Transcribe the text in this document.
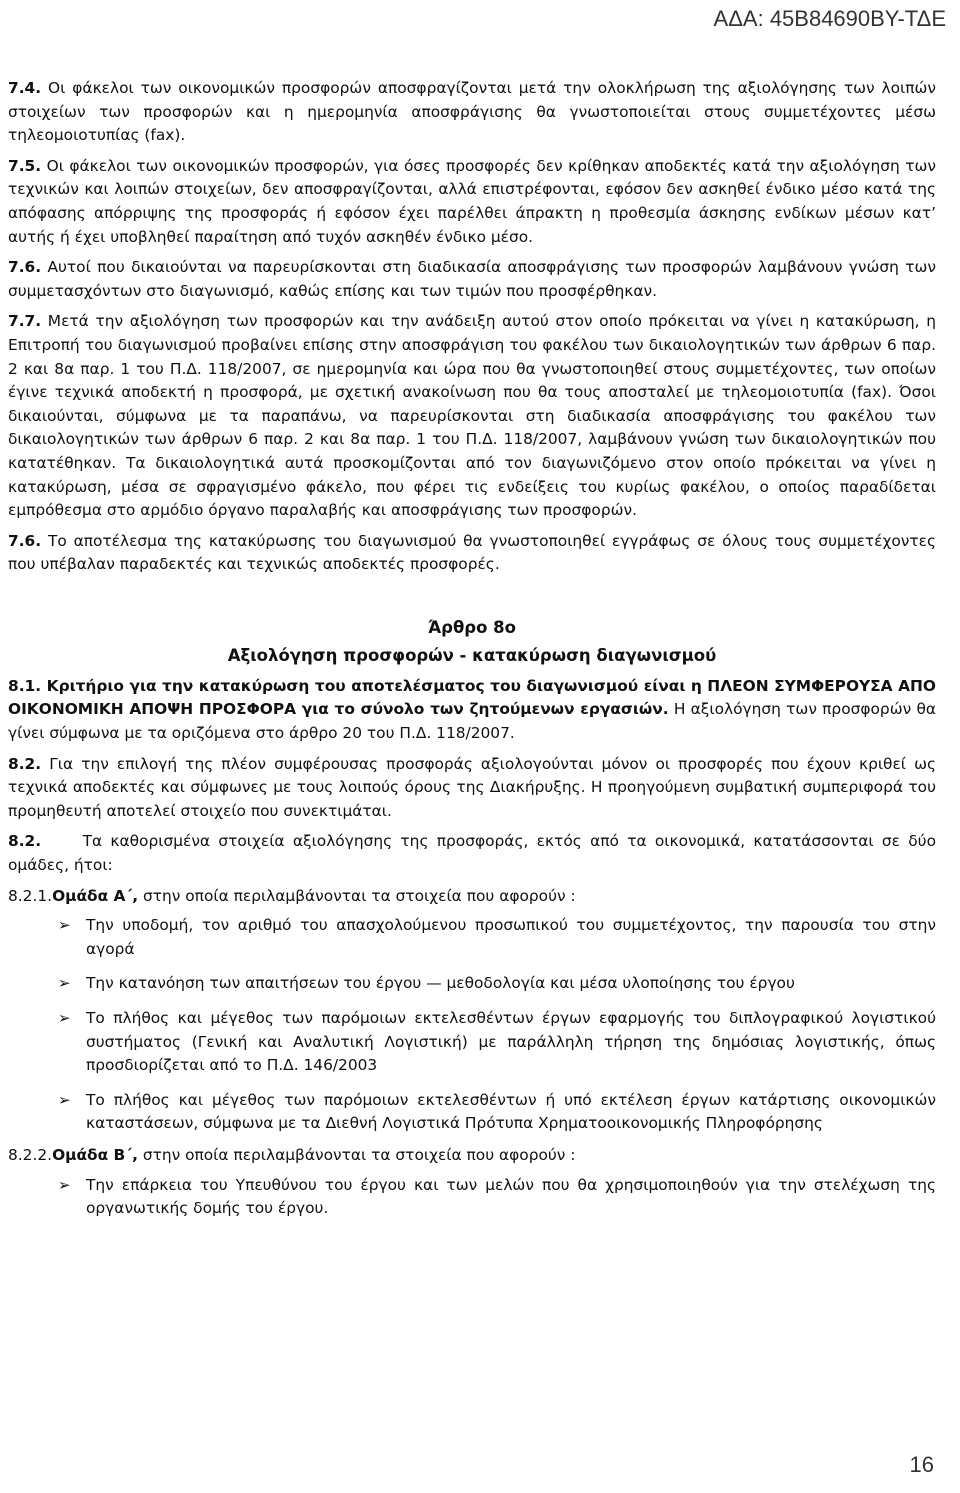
ΑΔΑ: 45Β84690ΒΥ-ΤΔΕ

7.4. Οι φάκελοι των οικονομικών προσφορών αποσφραγίζονται μετά την ολοκλήρωση της αξιολόγησης των λοιπών στοιχείων των προσφορών και η ημερομηνία αποσφράγισης θα γνωστοποιείται στους συμμετέχοντες μέσω τηλεομοιοτυπίας (fax).

7.5. Οι φάκελοι των οικονομικών προσφορών, για όσες προσφορές δεν κρίθηκαν αποδεκτές κατά την αξιολόγηση των τεχνικών και λοιπών στοιχείων, δεν αποσφραγίζονται, αλλά επιστρέφονται, εφόσον δεν ασκηθεί ένδικο μέσο κατά της απόφασης απόρριψης της προσφοράς ή εφόσον έχει παρέλθει άπρακτη η προθεσμία άσκησης ενδίκων μέσων κατ’ αυτής ή έχει υποβληθεί παραίτηση από τυχόν ασκηθέν ένδικο μέσο.

7.6. Αυτοί που δικαιούνται να παρευρίσκονται στη διαδικασία αποσφράγισης των προσφορών λαμβάνουν γνώση των συμμετασχόντων στο διαγωνισμό, καθώς επίσης και των τιμών που προσφέρθηκαν.

7.7. Μετά την αξιολόγηση των προσφορών και την ανάδειξη αυτού στον οποίο πρόκειται να γίνει η κατακύρωση, η Επιτροπή του διαγωνισμού προβαίνει επίσης στην αποσφράγιση του φακέλου των δικαιολογητικών των άρθρων 6 παρ. 2 και 8α παρ. 1 του Π.Δ. 118/2007, σε ημερομηνία και ώρα που θα γνωστοποιηθεί στους συμμετέχοντες, των οποίων έγινε τεχνικά αποδεκτή η προσφορά, με σχετική ανακοίνωση που θα τους αποσταλεί με τηλεομοιοτυπία (fax). Όσοι δικαιούνται, σύμφωνα με τα παραπάνω, να παρευρίσκονται στη διαδικασία αποσφράγισης του φακέλου των δικαιολογητικών των άρθρων 6 παρ. 2 και 8α παρ. 1 του Π.Δ. 118/2007, λαμβάνουν γνώση των δικαιολογητικών που κατατέθηκαν. Τα δικαιολογητικά αυτά προσκομίζονται από τον διαγωνιζόμενο στον οποίο πρόκειται να γίνει η κατακύρωση, μέσα σε σφραγισμένο φάκελο, που φέρει τις ενδείξεις του κυρίως φακέλου, ο οποίος παραδίδεται εμπρόθεσμα στο αρμόδιο όργανο παραλαβής και αποσφράγισης των προσφορών.

7.6. Το αποτέλεσμα της κατακύρωσης του διαγωνισμού θα γνωστοποιηθεί εγγράφως σε όλους τους συμμετέχοντες που υπέβαλαν παραδεκτές και τεχνικώς αποδεκτές προσφορές.

Άρθρο 8ο

Αξιολόγηση προσφορών - κατακύρωση διαγωνισμού

8.1. Κριτήριο για την κατακύρωση του αποτελέσματος του διαγωνισμού είναι η ΠΛΕΟΝ ΣΥΜΦΕΡΟΥΣΑ ΑΠΟ ΟΙΚΟΝΟΜΙΚΗ ΑΠΟΨΗ ΠΡΟΣΦΟΡΑ για το σύνολο των ζητούμενων εργασιών. Η αξιολόγηση των προσφορών θα γίνει σύμφωνα με τα οριζόμενα στο άρθρο 20 του Π.Δ. 118/2007.

8.2. Για την επιλογή της πλέον συμφέρουσας προσφοράς αξιολογούνται μόνον οι προσφορές που έχουν κριθεί ως τεχνικά αποδεκτές και σύμφωνες με τους λοιπούς όρους της Διακήρυξης. Η προηγούμενη συμβατική συμπεριφορά του προμηθευτή αποτελεί στοιχείο που συνεκτιμάται.

8.2.     Τα καθορισμένα στοιχεία αξιολόγησης της προσφοράς, εκτός από τα οικονομικά, κατατάσσονται σε δύο ομάδες, ήτοι:

8.2.1.Ομάδα Α΄, στην οποία περιλαμβάνονται τα στοιχεία που αφορούν :

➢ Την υποδομή, τον αριθμό του απασχολούμενου προσωπικού του συμμετέχοντος, την παρουσία του στην αγορά
➢ Την κατανόηση των απαιτήσεων του έργου — μεθοδολογία και μέσα υλοποίησης του έργου
➢ Το πλήθος και μέγεθος των παρόμοιων εκτελεσθέντων έργων εφαρμογής του διπλογραφικού λογιστικού συστήματος (Γενική και Αναλυτική Λογιστική) με παράλληλη τήρηση της δημόσιας λογιστικής, όπως προσδιορίζεται από το Π.Δ. 146/2003
➢ Το πλήθος και μέγεθος των παρόμοιων εκτελεσθέντων ή υπό εκτέλεση έργων κατάρτισης οικονομικών καταστάσεων, σύμφωνα με τα Διεθνή Λογιστικά Πρότυπα Χρηματοοικονομικής Πληροφόρησης

8.2.2.Ομάδα Β΄, στην οποία περιλαμβάνονται τα στοιχεία που αφορούν :

➢ Την επάρκεια του Υπευθύνου του έργου και των μελών που θα χρησιμοποιηθούν για την στελέχωση της οργανωτικής δομής του έργου.
16
